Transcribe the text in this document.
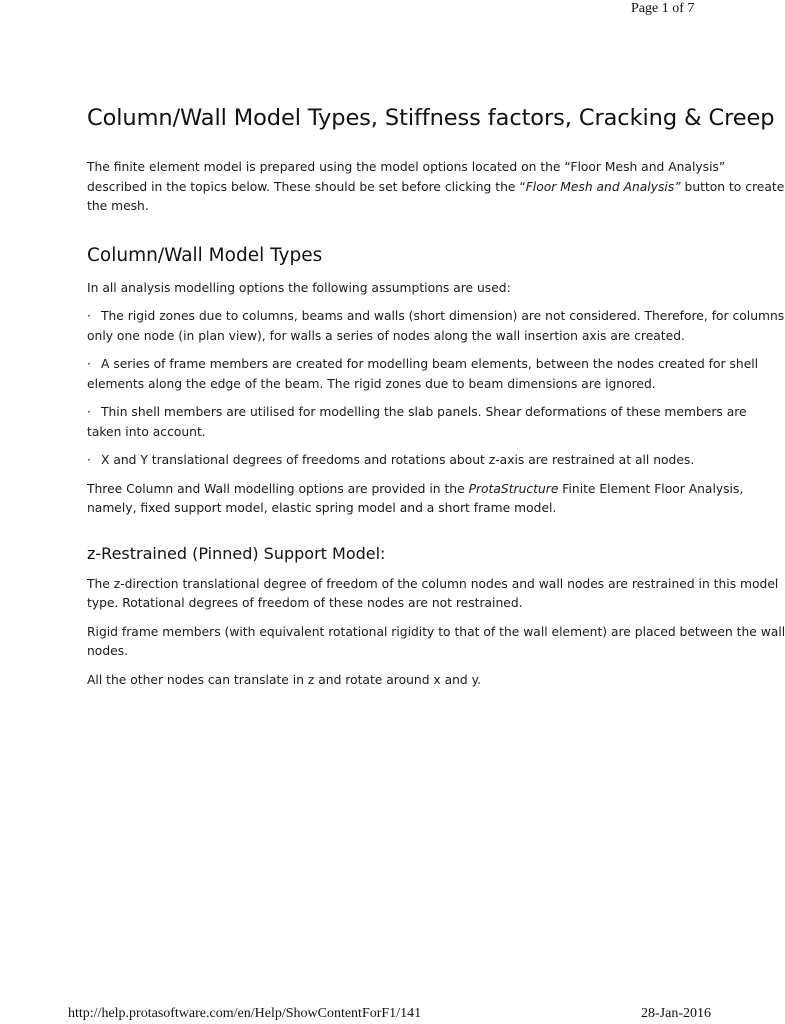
Page 1 of 7
Column/Wall Model Types, Stiffness factors, Cracking & Creep

The finite element model is prepared using the model options located on the “Floor Mesh and Analysis”
described in the topics below. These should be set before clicking the “Floor Mesh and Analysis” button to create
the mesh.

Column/Wall Model Types

In all analysis modelling options the following assumptions are used:

· The rigid zones due to columns, beams and walls (short dimension) are not considered. Therefore, for columns
only one node (in plan view), for walls a series of nodes along the wall insertion axis are created.
· A series of frame members are created for modelling beam elements, between the nodes created for shell
elements along the edge of the beam. The rigid zones due to beam dimensions are ignored.
· Thin shell members are utilised for modelling the slab panels. Shear deformations of these members are
taken into account.
· X and Y translational degrees of freedoms and rotations about z-axis are restrained at all nodes.

Three Column and Wall modelling options are provided in the ProtaStructure Finite Element Floor Analysis,
namely, fixed support model, elastic spring model and a short frame model.

z-Restrained (Pinned) Support Model:

The z-direction translational degree of freedom of the column nodes and wall nodes are restrained in this model
type. Rotational degrees of freedom of these nodes are not restrained.

Rigid frame members (with equivalent rotational rigidity to that of the wall element) are placed between the wall
nodes.

All the other nodes can translate in z and rotate around x and y.

http://help.protasoftware.com/en/Help/ShowContentForF1/141	28-Jan-2016
